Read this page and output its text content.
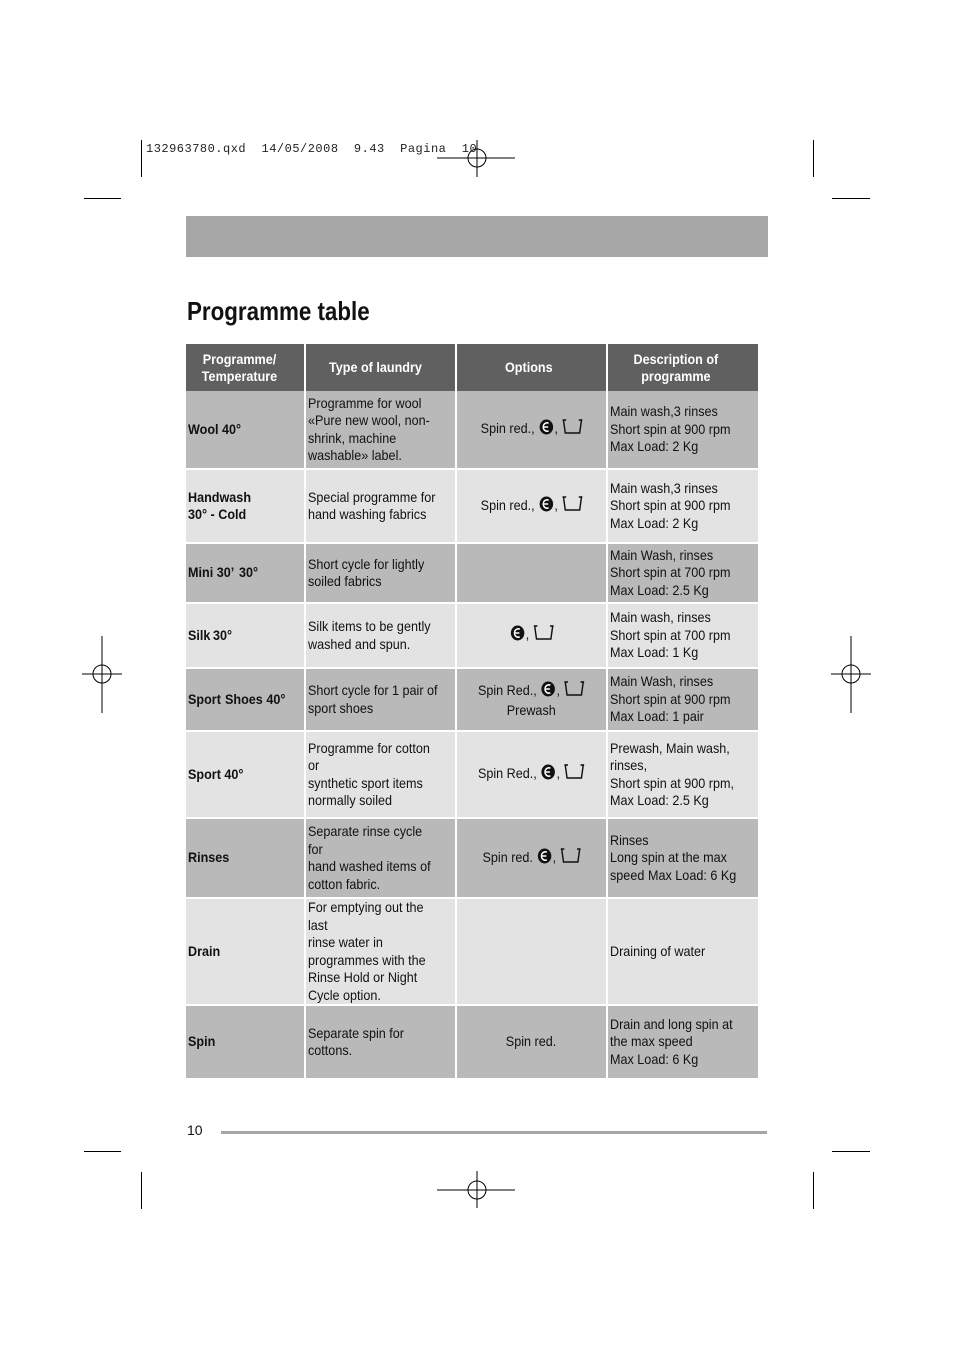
132963780.qxd  14/05/2008  9.43  Pagina  10
Programme table
Programme/ Temperature	Type of laundry	Options	Description of programme
Wool 40°	Programme for wool«Pure new wool, non-shrink, machinewashable» label.	Spin red., ,	Main wash,3 rinsesShort spin at 900 rpmMax Load: 2 Kg

Handwash30° - Cold	Special programme forhand washing fabrics	Spin red., ,	Main wash,3 rinsesShort spin at 900 rpmMax Load: 2 Kg

Mini 30’ 30°	Short cycle for lightlysoiled fabrics		Main Wash, rinsesShort spin at 700 rpmMax Load: 2.5 Kg

Silk 30°	Silk items to be gentlywashed and spun.	,	Main wash, rinsesShort spin at 700 rpmMax Load: 1 Kg

Sport Shoes 40°	Short cycle for 1 pair ofsport shoes	Spin Red., , Prewash	Main Wash, rinsesShort spin at 900 rpmMax Load: 1 pair

Sport 40°	Programme for cotton orsynthetic sport itemsnormally soiled	Spin Red., ,	Prewash, Main wash,rinses,Short spin at 900 rpm,Max Load: 2.5 Kg

Rinses	Separate rinse cycle forhand washed items ofcotton fabric.	Spin red. ,	RinsesLong spin at the maxspeed Max Load: 6 Kg

Drain	For emptying out the lastrinse water inprogrammes with theRinse Hold or NightCycle option.		Draining of water

Spin	Separate spin forcottons.	Spin red.	Drain and long spin atthe max speedMax Load: 6 Kg
10
